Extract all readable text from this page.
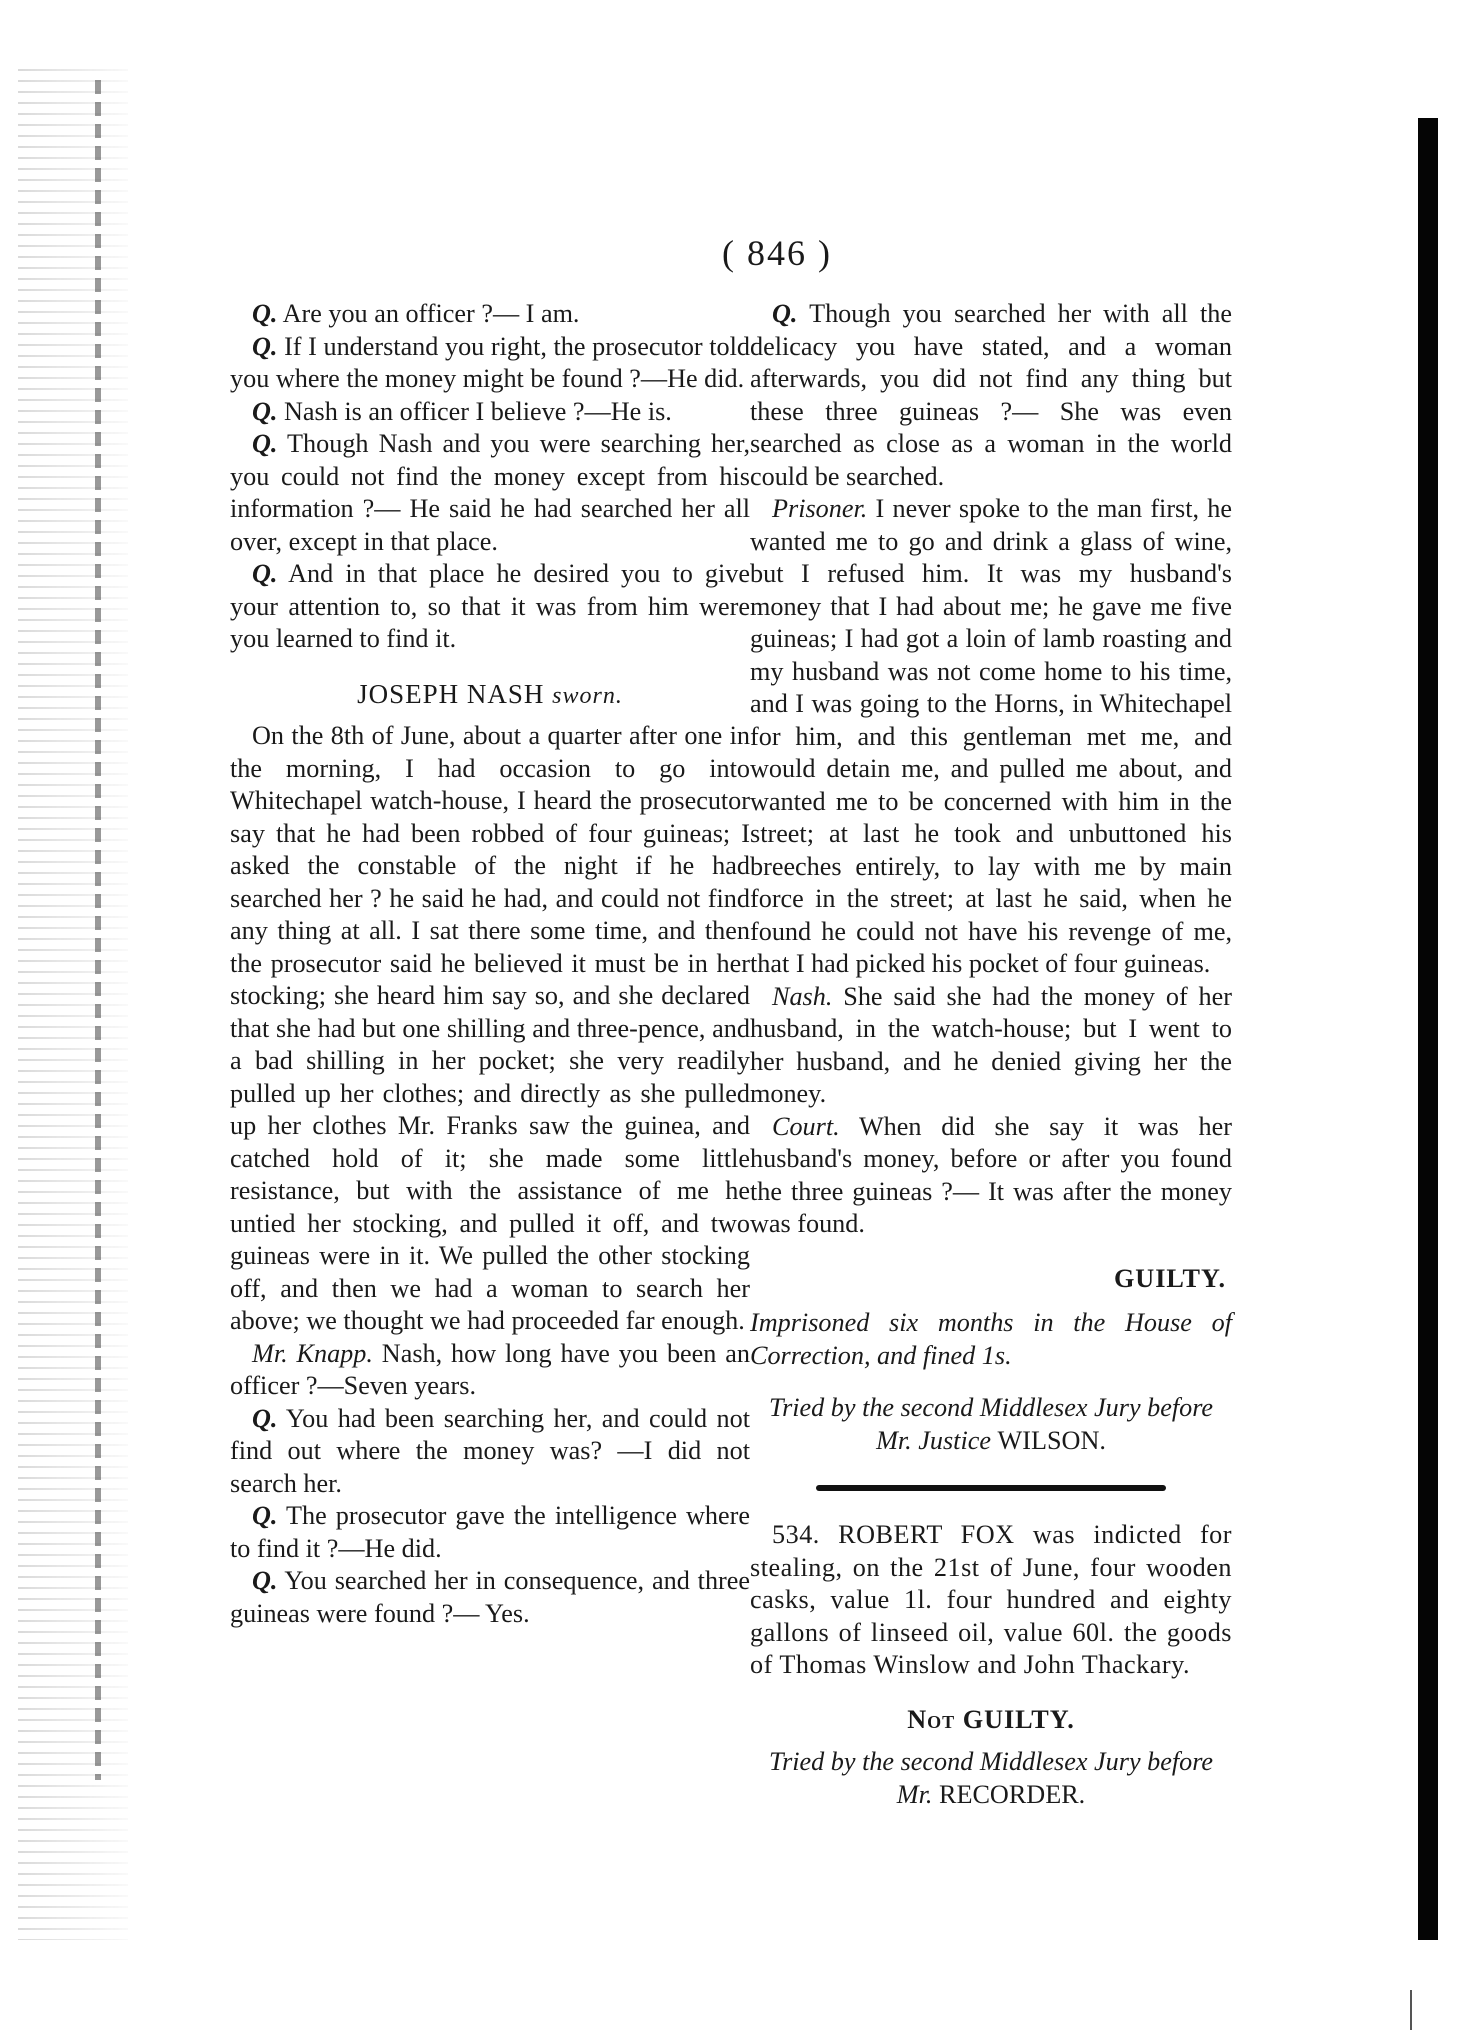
( 846 )

Q. Are you an officer ?— I am.

Q. If I understand you right, the prosecutor told you where the money might be found ?—He did.

Q. Nash is an officer I believe ?—He is.

Q. Though Nash and you were searching her, you could not find the money except from his information ?— He said he had searched her all over, except in that place.

Q. And in that place he desired you to give your attention to, so that it was from him were you learned to find it.

JOSEPH NASH sworn.

On the 8th of June, about a quarter after one in the morning, I had occasion to go into Whitechapel watch-house, I heard the prosecutor say that he had been robbed of four guineas; I asked the constable of the night if he had searched her ? he said he had, and could not find any thing at all. I sat there some time, and then the prosecutor said he believed it must be in her stocking; she heard him say so, and she declared that she had but one shilling and three-pence, and a bad shilling in her pocket; she very readily pulled up her clothes; and directly as she pulled up her clothes Mr. Franks saw the guinea, and catched hold of it; she made some little resistance, but with the assistance of me he untied her stocking, and pulled it off, and two guineas were in it. We pulled the other stocking off, and then we had a woman to search her above; we thought we had proceeded far enough.

Mr. Knapp. Nash, how long have you been an officer ?—Seven years.

Q. You had been searching her, and could not find out where the money was? —I did not search her.

Q. The prosecutor gave the intelligence where to find it ?—He did.

Q. You searched her in consequence, and three guineas were found ?— Yes.

Q. Though you searched her with all the delicacy you have stated, and a woman afterwards, you did not find any thing but these three guineas ?— She was even searched as close as a woman in the world could be searched.

Prisoner. I never spoke to the man first, he wanted me to go and drink a glass of wine, but I refused him. It was my husband's money that I had about me; he gave me five guineas; I had got a loin of lamb roasting and my husband was not come home to his time, and I was going to the Horns, in Whitechapel for him, and this gentleman met me, and would detain me, and pulled me about, and wanted me to be concerned with him in the street; at last he took and unbuttoned his breeches entirely, to lay with me by main force in the street; at last he said, when he found he could not have his revenge of me, that I had picked his pocket of four guineas.

Nash. She said she had the money of her husband, in the watch-house; but I went to her husband, and he denied giving her the money.

Court. When did she say it was her husband's money, before or after you found the three guineas ?— It was after the money was found.

GUILTY.

Imprisoned six months in the House of Correction, and fined 1s.

Tried by the second Middlesex Jury before
Mr. Justice WILSON.

534. ROBERT FOX was indicted for stealing, on the 21st of June, four wooden casks, value 1l. four hundred and eighty gallons of linseed oil, value 60l. the goods of Thomas Winslow and John Thackary.

Not GUILTY.

Tried by the second Middlesex Jury before
Mr. RECORDER.
